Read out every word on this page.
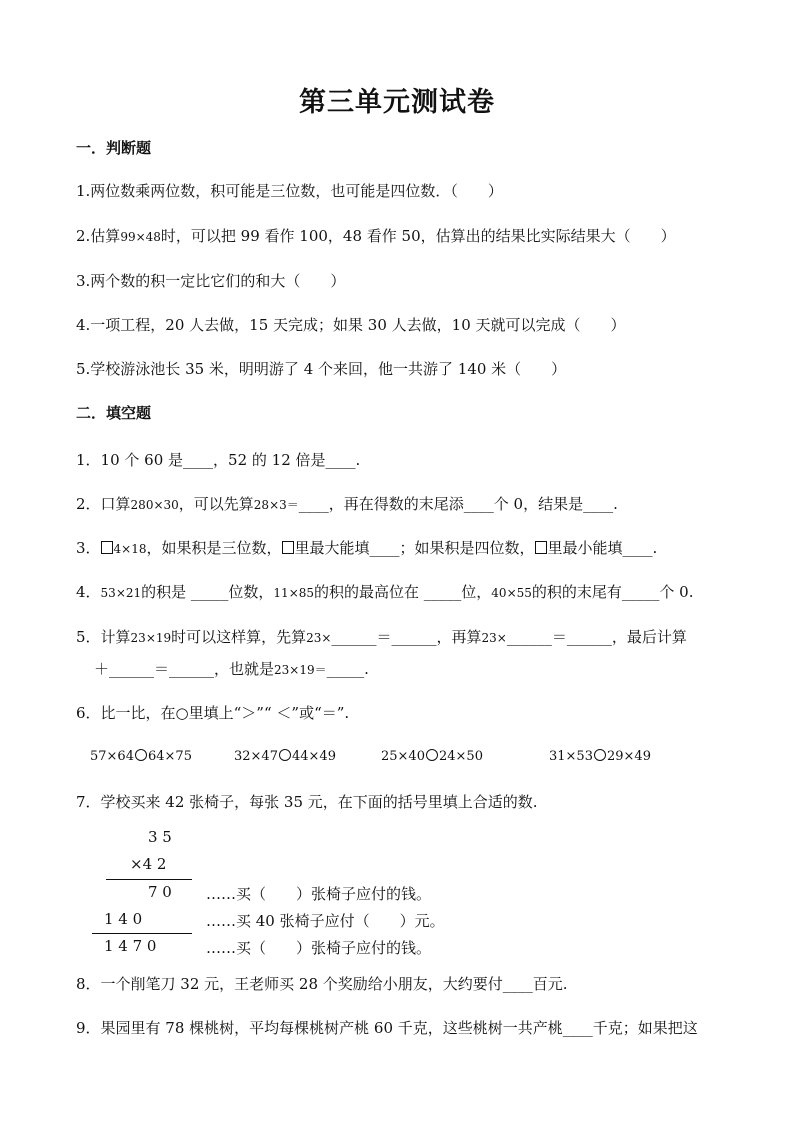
第三单元测试卷
一．判断题
1.两位数乘两位数，积可能是三位数，也可能是四位数．（　　）
2.估算99×48时，可以把 99 看作 100，48 看作 50，估算出的结果比实际结果大（　　）
3.两个数的积一定比它们的和大（　　）
4.一项工程，20 人去做，15 天完成；如果 30 人去做，10 天就可以完成（　　）
5.学校游泳池长 35 米，明明游了 4 个来回，他一共游了 140 米（　　）
二．填空题
1．10 个 60 是____，52 的 12 倍是____.
2．口算280×30，可以先算28×3＝____，再在得数的末尾添____个 0，结果是____.
3． 4×18，如果积是三位数， 里最大能填____；如果积是四位数， 里最小能填____.
4．53×21的积是 _____位数，11×85的积的最高位在 _____位，40×55的积的末尾有_____个 0.
5．计算23×19时可以这样算，先算23×______＝______，再算23×______＝______，最后计算
＋______＝______，也就是23×19＝_____.
6．比一比，在○里填上“＞”“ ＜”或“＝”.
57×64 64×75	32×47 44×49	25×40 24×50	31×53 29×49
7．学校买来 42 张椅子，每张 35 元，在下面的括号里填上合适的数.
3 5
×4 2
7 0
1 4 0
1 4 7 0
……买（　　）张椅子应付的钱。
……买 40 张椅子应付（　　）元。
……买（　　）张椅子应付的钱。
8．一个削笔刀 32 元，王老师买 28 个奖励给小朋友，大约要付____百元.
9．果园里有 78 棵桃树，平均每棵桃树产桃 60 千克，这些桃树一共产桃____千克；如果把这
